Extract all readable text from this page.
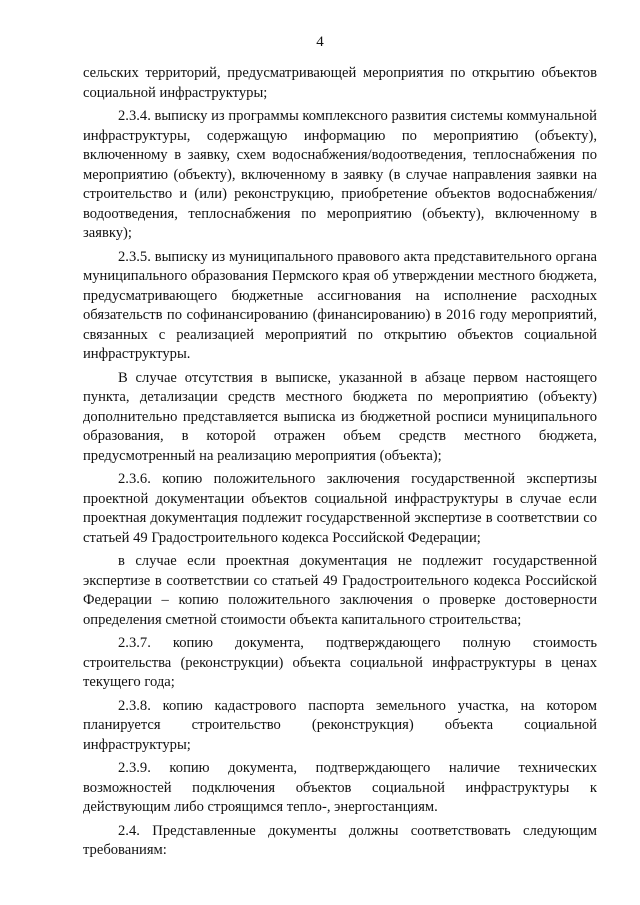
4

сельских территорий, предусматривающей мероприятия по открытию объектов социальной инфраструктуры;

2.3.4. выписку из программы комплексного развития системы коммунальной инфраструктуры, содержащую информацию по мероприятию (объекту), включенному в заявку, схем водоснабжения/водоотведения, теплоснабжения по мероприятию (объекту), включенному в заявку (в случае направления заявки на строительство и (или) реконструкцию, приобретение объектов водоснабжения/водоотведения, теплоснабжения по мероприятию (объекту), включенному в заявку);

2.3.5. выписку из муниципального правового акта представительного органа муниципального образования Пермского края об утверждении местного бюджета, предусматривающего бюджетные ассигнования на исполнение расходных обязательств по софинансированию (финансированию) в 2016 году мероприятий, связанных с реализацией мероприятий по открытию объектов социальной инфраструктуры.

В случае отсутствия в выписке, указанной в абзаце первом настоящего пункта, детализации средств местного бюджета по мероприятию (объекту) дополнительно представляется выписка из бюджетной росписи муниципального образования, в которой отражен объем средств местного бюджета, предусмотренный на реализацию мероприятия (объекта);

2.3.6. копию положительного заключения государственной экспертизы проектной документации объектов социальной инфраструктуры в случае если проектная документация подлежит государственной экспертизе в соответствии со статьей 49 Градостроительного кодекса Российской Федерации;

в случае если проектная документация не подлежит государственной экспертизе в соответствии со статьей 49 Градостроительного кодекса Российской Федерации – копию положительного заключения о проверке достоверности определения сметной стоимости объекта капитального строительства;

2.3.7. копию документа, подтверждающего полную стоимость строительства (реконструкции) объекта социальной инфраструктуры в ценах текущего года;

2.3.8. копию кадастрового паспорта земельного участка, на котором планируется строительство (реконструкция) объекта социальной инфраструктуры;

2.3.9. копию документа, подтверждающего наличие технических возможностей подключения объектов социальной инфраструктуры к действующим либо строящимся тепло-, энергостанциям.

2.4. Представленные документы должны соответствовать следующим требованиям:
